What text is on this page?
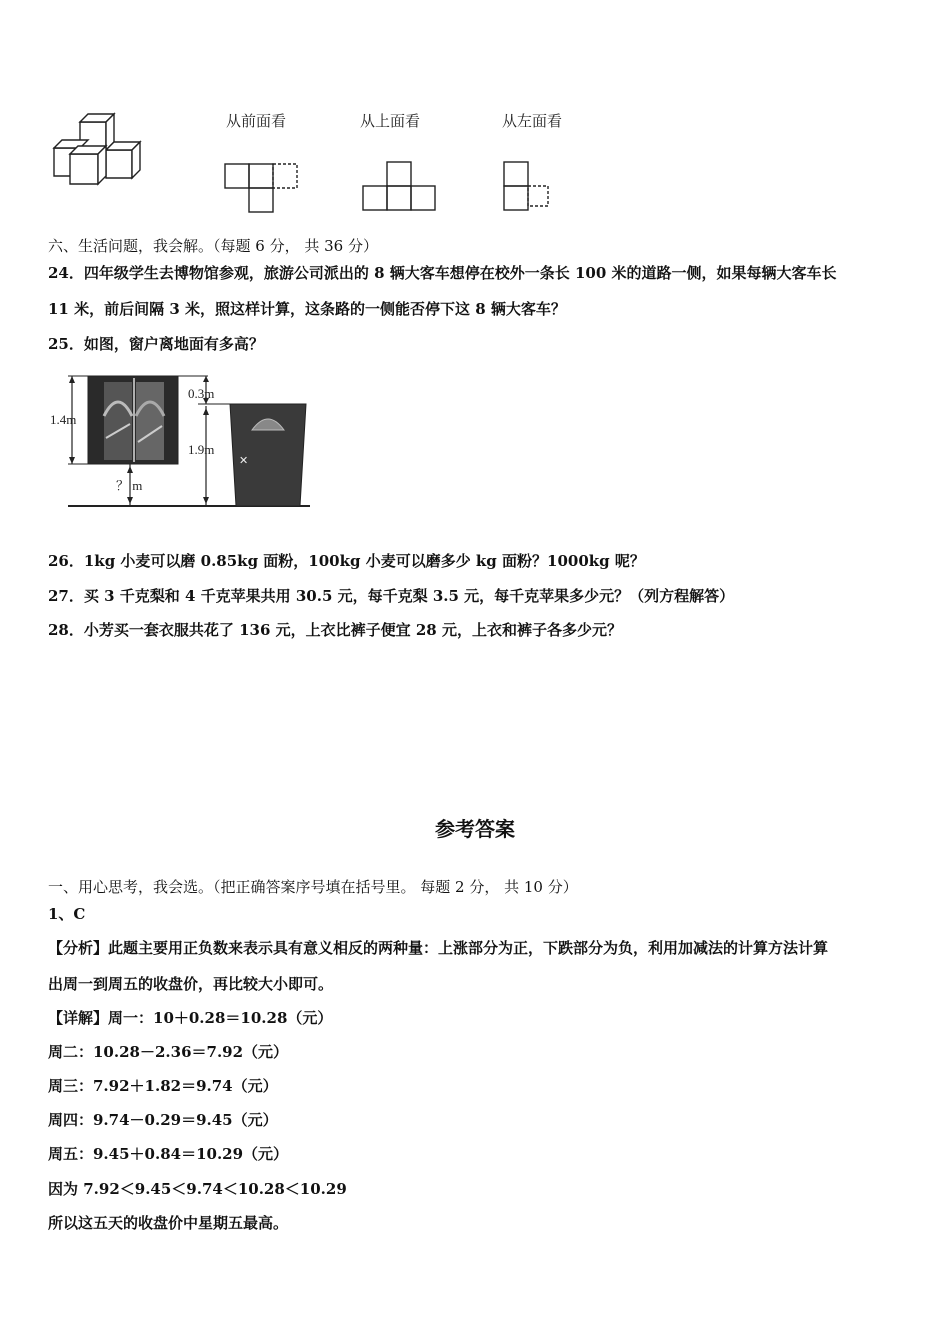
从前面看	从上面看	从左面看
六、生活问题，我会解。（每题 6 分， 共 36 分）
24．四年级学生去博物馆参观，旅游公司派出的 8 辆大客车想停在校外一条长 100 米的道路一侧，如果每辆大客车长
11 米，前后间隔 3 米，照这样计算，这条路的一侧能否停下这 8 辆大客车？
25．如图，窗户离地面有多高？
✕
1.4m
0.3m
1.9m
？ m
26．1kg 小麦可以磨 0.85kg 面粉，100kg 小麦可以磨多少 kg 面粉？1000kg 呢？
27．买 3 千克梨和 4 千克苹果共用 30.5 元，每千克梨 3.5 元，每千克苹果多少元？（列方程解答）
28．小芳买一套衣服共花了 136 元，上衣比裤子便宜 28 元，上衣和裤子各多少元？
参考答案
一、用心思考，我会选。（把正确答案序号填在括号里。 每题 2 分， 共 10 分）
1、C
【分析】此题主要用正负数来表示具有意义相反的两种量：上涨部分为正，下跌部分为负，利用加减法的计算方法计算
出周一到周五的收盘价，再比较大小即可。
【详解】周一：10＋0.28＝10.28（元）
周二：10.28－2.36＝7.92（元）
周三：7.92＋1.82＝9.74（元）
周四：9.74－0.29＝9.45（元）
周五：9.45＋0.84＝10.29（元）
因为 7.92＜9.45＜9.74＜10.28＜10.29
所以这五天的收盘价中星期五最高。
